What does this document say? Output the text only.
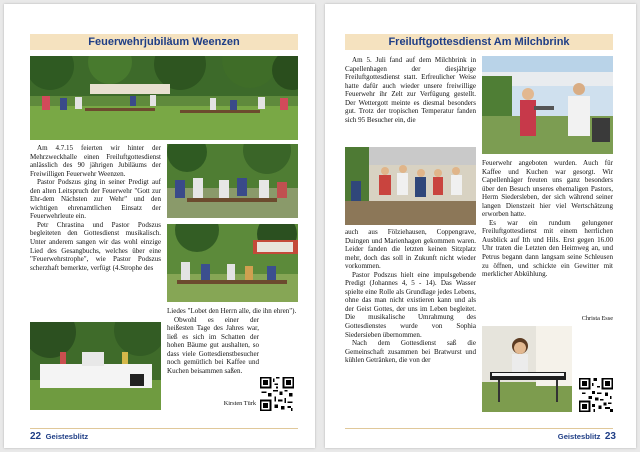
Feuerwehrjubiläum Weenzen

Am 4.7.15 feierten wir hinter der Mehrzweckhalle einen Freiluftgottesdienst anlässlich des 90 jährigen Jubiläums der Freiwilligen Feuerwehr Weenzen.

Pastor Podszus ging in seiner Predigt auf den alten Leitspruch der Feuerwehr "Gott zur Ehr-dem Nächsten zur Wehr" und den wichtigen ehrenamtlichen Einsatz der Feuerwehrleute ein.

Petr Chrastina und Pastor Podszus begleiteten den Gottesdienst musikalisch. Unter anderem sangen wir das wohl einzige Lied des Gesangbuchs, welches über eine "Feuerwehrstrophe", wie Pastor Podszus scherzhaft bemerkte, verfügt (4.Strophe des

Liedes "Lobet den Herrn alle, die ihn ehren").

Obwohl es einer der heißesten Tage des Jahres war, ließ es sich im Schatten der hohen Bäume gut aushalten, so dass viele Gottesdienstbesucher noch gemütlich bei Kaffee und Kuchen beisammen saßen.

Kirsten Türk
22 Geistesblitz
Freiluftgottesdienst Am Milchbrink

Am 5. Juli fand auf dem Milchbrink in Capellenhagen der diesjährige Freiluftgottesdienst statt. Erfreulicher Weise hatte dafür auch wieder unsere freiwillige Feuerwehr ihr Zelt zur Verfügung gestellt. Der Wettergott meinte es diesmal besonders gut. Trotz der tropischen Temperatur fanden sich 95 Besucher ein, die

auch aus Fölziehausen, Coppengrave, Duingen und Marienhagen gekommen waren. Leider fanden die letzten keinen Sitzplatz mehr, doch das soll in Zukunft nicht wieder vorkommen.

Pastor Podszus hielt eine impulsgebende Predigt (Johannes 4, 5 - 14). Das Wasser spielte eine Rolle als Grundlage jedes Lebens, ohne das man nicht existieren kann und als der Geist Gottes, der uns im Leben begleitet. Die musikalische Umrahmung des Gottesdienstes wurde von Sophia Siedersieben übernommen.

Nach dem Gottesdienst saß die Gemeinschaft zusammen bei Bratwurst und kühlen Getränken, die von der

Feuerwehr angeboten wurden. Auch für Kaffee und Kuchen war gesorgt. Wir Capellenhäger freuten uns ganz besonders über den Besuch unseres ehemaligen Pastors, Herm Siedersleben, der sich während seiner langen Dienstzeit hier viel Wertschätzung erworben hatte.

Es war ein rundum gelungener Freiluftgottesdienst mit einem herrlichen Ausblick auf Ith und Hils. Erst gegen 16.00 Uhr traten die Letzten den Heimweg an, und Petrus begann dann langsam seine Schleusen zu öffnen, und schickte ein Gewitter mit merklicher Abkühlung.

Christa Esse
Geistesblitz 23
